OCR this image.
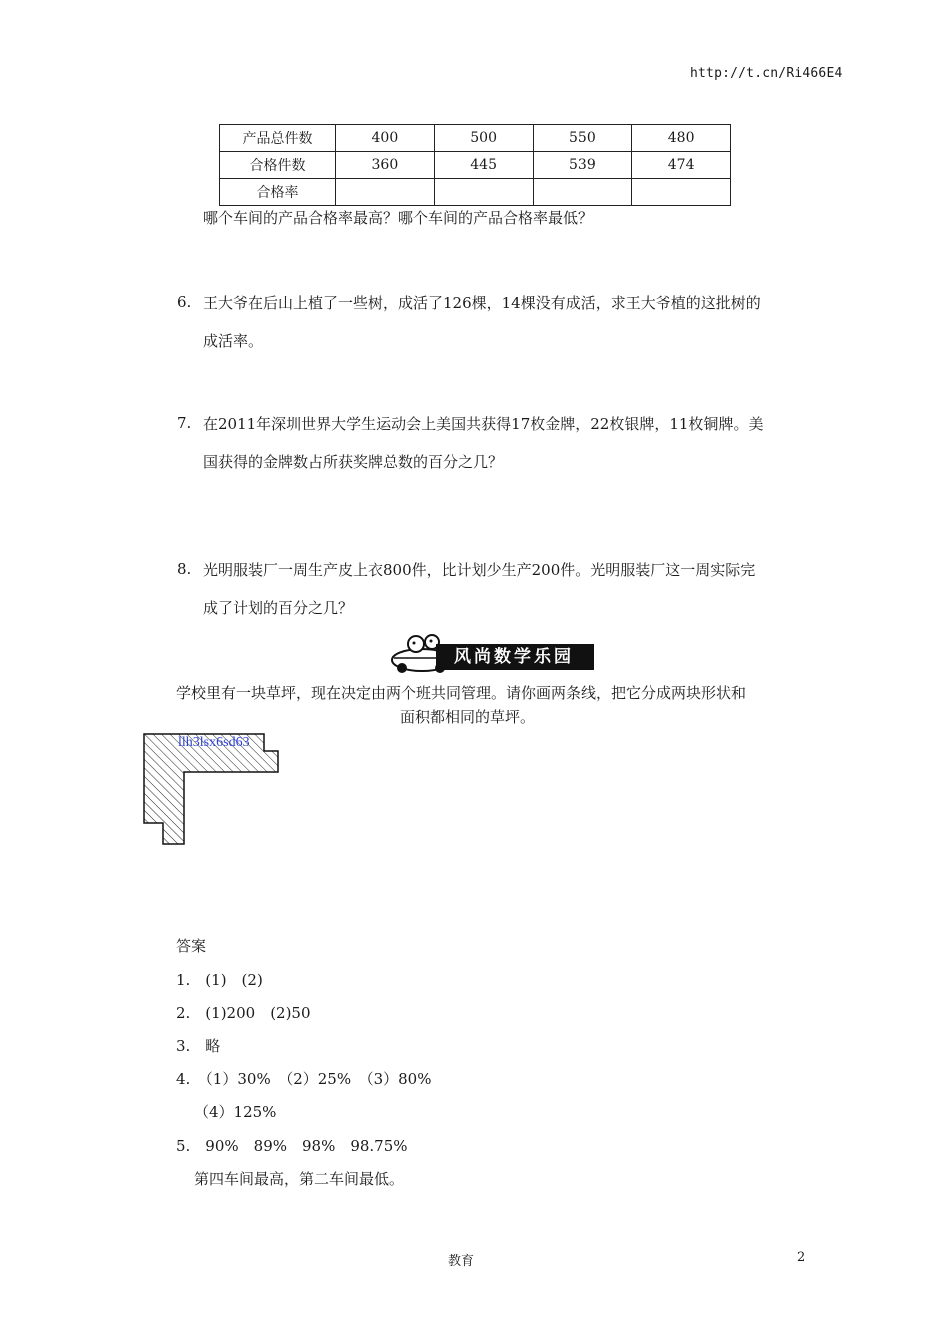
http://t.cn/Ri466E4
产品总件数	400	500	550	480
合格件数	360	445	539	474
合格率				
哪个车间的产品合格率最高？哪个车间的产品合格率最低？
6. 王大爷在后山上植了一些树，成活了126棵，14棵没有成活，求王大爷植的这批树的
成活率。
7. 在2011年深圳世界大学生运动会上美国共获得17枚金牌，22枚银牌，11枚铜牌。美
国获得的金牌数占所获奖牌总数的百分之几？
8. 光明服装厂一周生产皮上衣800件，比计划少生产200件。光明服装厂这一周实际完
成了计划的百分之几？
风尚数学乐园
学校里有一块草坪，现在决定由两个班共同管理。请你画两条线，把它分成两块形状和
面积都相同的草坪。
llh3lsx6sd63
答案
1.　(1)　(2)
2.　(1)200　(2)50
3.　略
4.　（1）30%　（2）25%　（3）80%
（4）125%
5.　90%　89%　98%　98.75%
第四车间最高，第二车间最低。
教育	2
